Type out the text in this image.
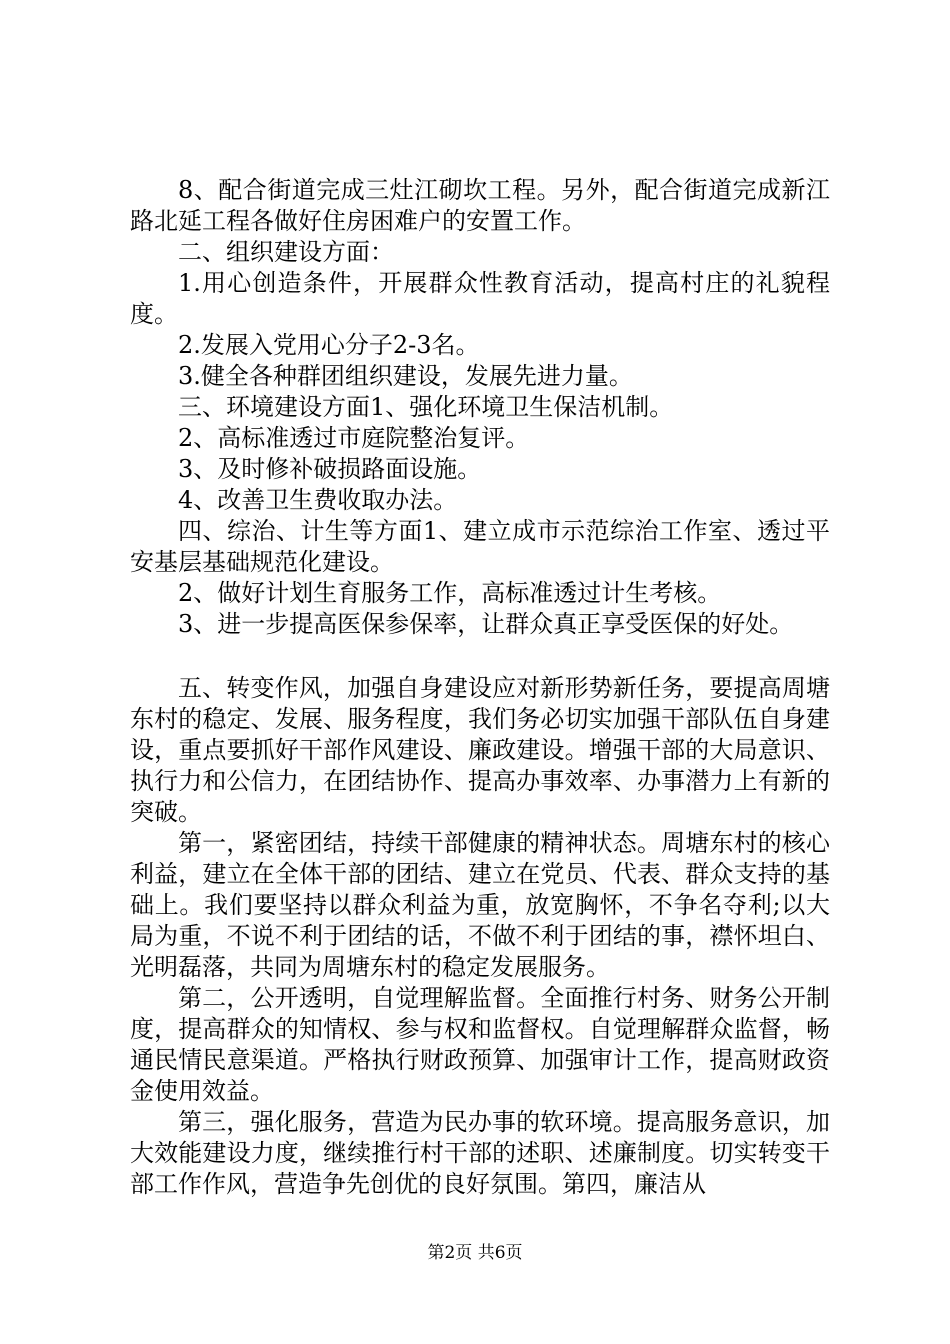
8、配合街道完成三灶江砌坎工程。另外，配合街道完成新江路北延工程各做好住房困难户的安置工作。

二、组织建设方面：

1.用心创造条件，开展群众性教育活动，提高村庄的礼貌程度。

2.发展入党用心分子2-3名。

3.健全各种群团组织建设，发展先进力量。

三、环境建设方面1、强化环境卫生保洁机制。

2、高标准透过市庭院整治复评。

3、及时修补破损路面设施。

4、改善卫生费收取办法。

四、综治、计生等方面1、建立成市示范综治工作室、透过平安基层基础规范化建设。

2、做好计划生育服务工作，高标准透过计生考核。

3、进一步提高医保参保率，让群众真正享受医保的好处。

五、转变作风，加强自身建设应对新形势新任务，要提高周塘东村的稳定、发展、服务程度，我们务必切实加强干部队伍自身建设，重点要抓好干部作风建设、廉政建设。增强干部的大局意识、执行力和公信力，在团结协作、提高办事效率、办事潜力上有新的突破。

第一，紧密团结，持续干部健康的精神状态。周塘东村的核心利益，建立在全体干部的团结、建立在党员、代表、群众支持的基础上。我们要坚持以群众利益为重，放宽胸怀，不争名夺利;以大局为重，不说不利于团结的话，不做不利于团结的事，襟怀坦白、光明磊落，共同为周塘东村的稳定发展服务。

第二，公开透明，自觉理解监督。全面推行村务、财务公开制度，提高群众的知情权、参与权和监督权。自觉理解群众监督，畅通民情民意渠道。严格执行财政预算、加强审计工作，提高财政资金使用效益。

第三，强化服务，营造为民办事的软环境。提高服务意识，加大效能建设力度，继续推行村干部的述职、述廉制度。切实转变干部工作作风，营造争先创优的良好氛围。第四，廉洁从

第2页 共6页
